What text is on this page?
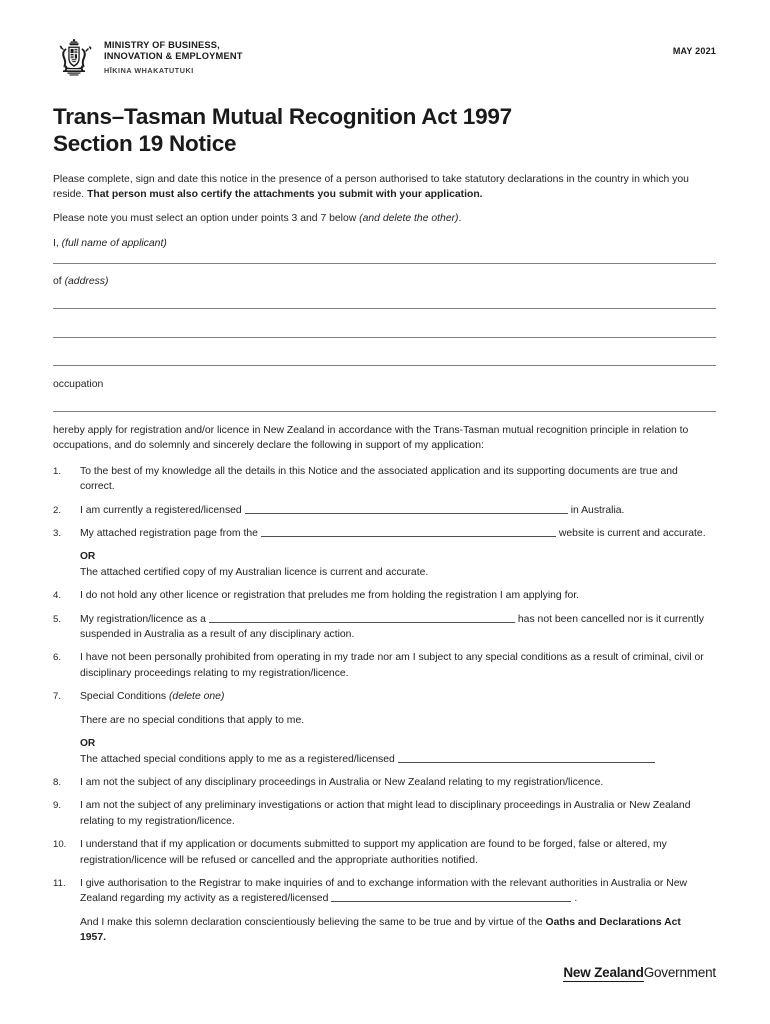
MINISTRY OF BUSINESS,
INNOVATION & EMPLOYMENT
HĪKINA WHAKATUTUKI
MAY 2021
Trans–Tasman Mutual Recognition Act 1997
Section 19 Notice

Please complete, sign and date this notice in the presence of a person authorised to take statutory declarations in the country in which you reside. That person must also certify the attachments you submit with your application.

Please note you must select an option under points 3 and 7 below (and delete the other).

I, (full name of applicant)

of (address)
occupation

hereby apply for registration and/or licence in New Zealand in accordance with the Trans-Tasman mutual recognition principle in relation to occupations, and do solemnly and sincerely declare the following in support of my application:

1.	To the best of my knowledge all the details in this Notice and the associated application and its supporting documents are true and correct.
2.	I am currently a registered/licensed	in Australia.
3.	My attached registration page from the	website is current and accurate.
OR
The attached certified copy of my Australian licence is current and accurate.
4.	I do not hold any other licence or registration that preludes me from holding the registration I am applying for.
5.	My registration/licence as a	has not been cancelled nor is it currently suspended in Australia as a result of any disciplinary action.
6.	I have not been personally prohibited from operating in my trade nor am I subject to any special conditions as a result of criminal, civil or disciplinary proceedings relating to my registration/licence.
7.	Special Conditions (delete one)
There are no special conditions that apply to me.
OR
The attached special conditions apply to me as a registered/licensed
8.	I am not the subject of any disciplinary proceedings in Australia or New Zealand relating to my registration/licence.
9.	I am not the subject of any preliminary investigations or action that might lead to disciplinary proceedings in Australia or New Zealand relating to my registration/licence.
10.	I understand that if my application or documents submitted to support my application are found to be forged, false or altered, my registration/licence will be refused or cancelled and the appropriate authorities notified.
11.	I give authorisation to the Registrar to make inquiries of and to exchange information with the relevant authorities in Australia or New Zealand regarding my activity as a registered/licensed	.
And I make this solemn declaration conscientiously believing the same to be true and by virtue of the Oaths and Declarations Act 1957.
New ZealandGovernment
